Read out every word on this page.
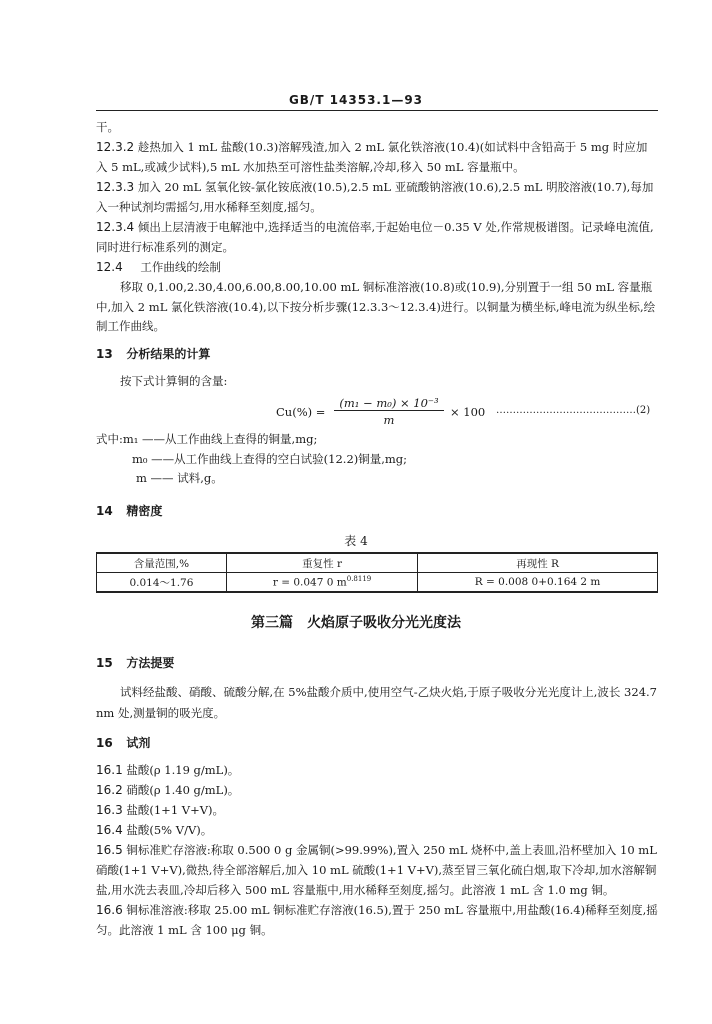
GB/T 14353.1—93
干。
12.3.2 趁热加入 1 mL 盐酸(10.3)溶解残渣,加入 2 mL 氯化铁溶液(10.4)(如试料中含铅高于 5 mg 时应加入 5 mL,或减少试料),5 mL 水加热至可溶性盐类溶解,冷却,移入 50 mL 容量瓶中。
12.3.3 加入 20 mL 氢氧化铵-氯化铵底液(10.5),2.5 mL 亚硫酸钠溶液(10.6),2.5 mL 明胶溶液(10.7),每加入一种试剂均需摇匀,用水稀释至刻度,摇匀。
12.3.4 倾出上层清液于电解池中,选择适当的电流倍率,于起始电位－0.35 V 处,作常规极谱图。记录峰电流值,同时进行标准系列的测定。
12.4 工作曲线的绘制
移取 0,1.00,2.30,4.00,6.00,8.00,10.00 mL 铜标准溶液(10.8)或(10.9),分别置于一组 50 mL 容量瓶中,加入 2 mL 氯化铁溶液(10.4),以下按分析步骤(12.3.3～12.3.4)进行。以铜量为横坐标,峰电流为纵坐标,绘制工作曲线。
13 分析结果的计算
按下式计算铜的含量:
Cu(%) =
(m₁ − m₀) × 10⁻³
m
× 100 ……………………………………(2)
式中:m₁ ——从工作曲线上查得的铜量,mg;
m₀ ——从工作曲线上查得的空白试验(12.2)铜量,mg;
m —— 试料,g。
14 精密度
表 4
含量范围,%	重复性 r	再现性 R
0.014～1.76	r = 0.047 0 $m^{0.8119}$	R = 0.008 0+0.164 2 m
第三篇　火焰原子吸收分光光度法
15 方法提要
试料经盐酸、硝酸、硫酸分解,在 5%盐酸介质中,使用空气-乙炔火焰,于原子吸收分光光度计上,波长 324.7 nm 处,测量铜的吸光度。
16 试剂
16.1 盐酸(ρ 1.19 g/mL)。
16.2 硝酸(ρ 1.40 g/mL)。
16.3 盐酸(1+1 V+V)。
16.4 盐酸(5% V/V)。
16.5 铜标准贮存溶液:称取 0.500 0 g 金属铜(>99.99%),置入 250 mL 烧杯中,盖上表皿,沿杯壁加入 10 mL 硝酸(1+1 V+V),微热,待全部溶解后,加入 10 mL 硫酸(1+1 V+V),蒸至冒三氧化硫白烟,取下冷却,加水溶解铜盐,用水洗去表皿,冷却后移入 500 mL 容量瓶中,用水稀释至刻度,摇匀。此溶液 1 mL 含 1.0 mg 铜。
16.6 铜标准溶液:移取 25.00 mL 铜标准贮存溶液(16.5),置于 250 mL 容量瓶中,用盐酸(16.4)稀释至刻度,摇匀。此溶液 1 mL 含 100 μg 铜。
